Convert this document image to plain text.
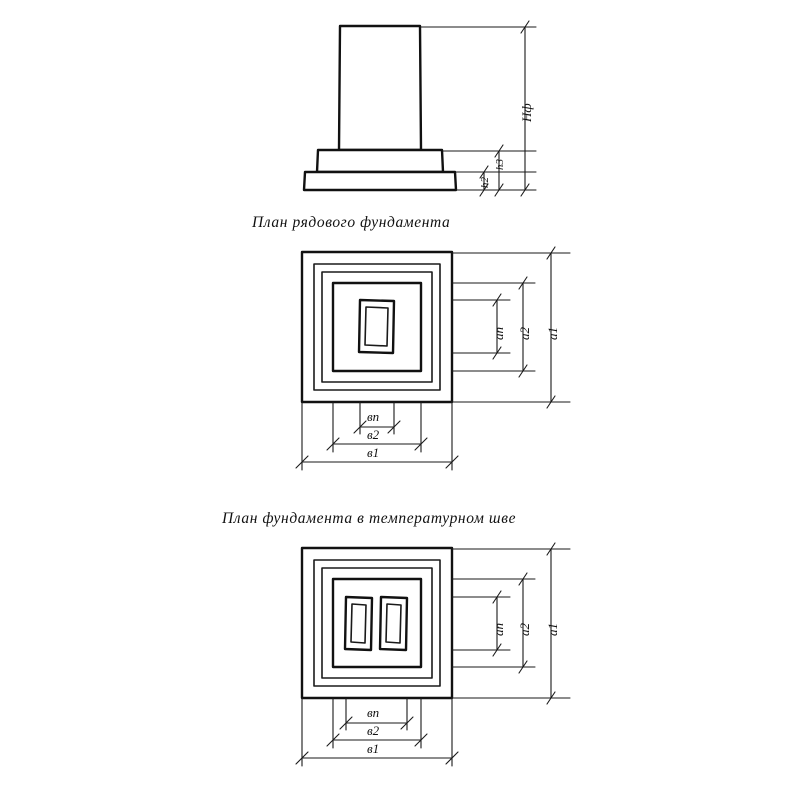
Нф
h3
h2
План рядового фундамента
ап а2 а1
вп
в2
в1
План фундамента в температурном шве
ап а2 а1
вп
в2
в1
